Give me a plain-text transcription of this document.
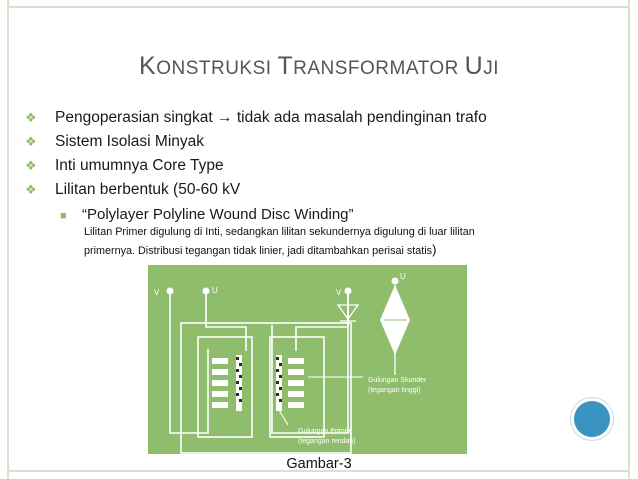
KONSTRUKSI TRANSFORMATOR UJI
❖	Pengoperasian singkat → tidak ada masalah pendinginan trafo
❖	Sistem Isolasi Minyak
❖	Inti umumnya Core Type
❖	Lilitan berbentuk (50-60 kV
■	“Polylayer Polyline Wound Disc Winding”
Lilitan Primer digulung di Inti, sedangkan lilitan sekundernya digulung di luar lilitan
primernya. Distribusi tegangan tidak linier, jadi ditambahkan perisai statis)
V	U	V
U
Gulungan Skunder
(tegangan tinggi)
Gulungan Primer
(tegangan rendah)
Gambar-3
